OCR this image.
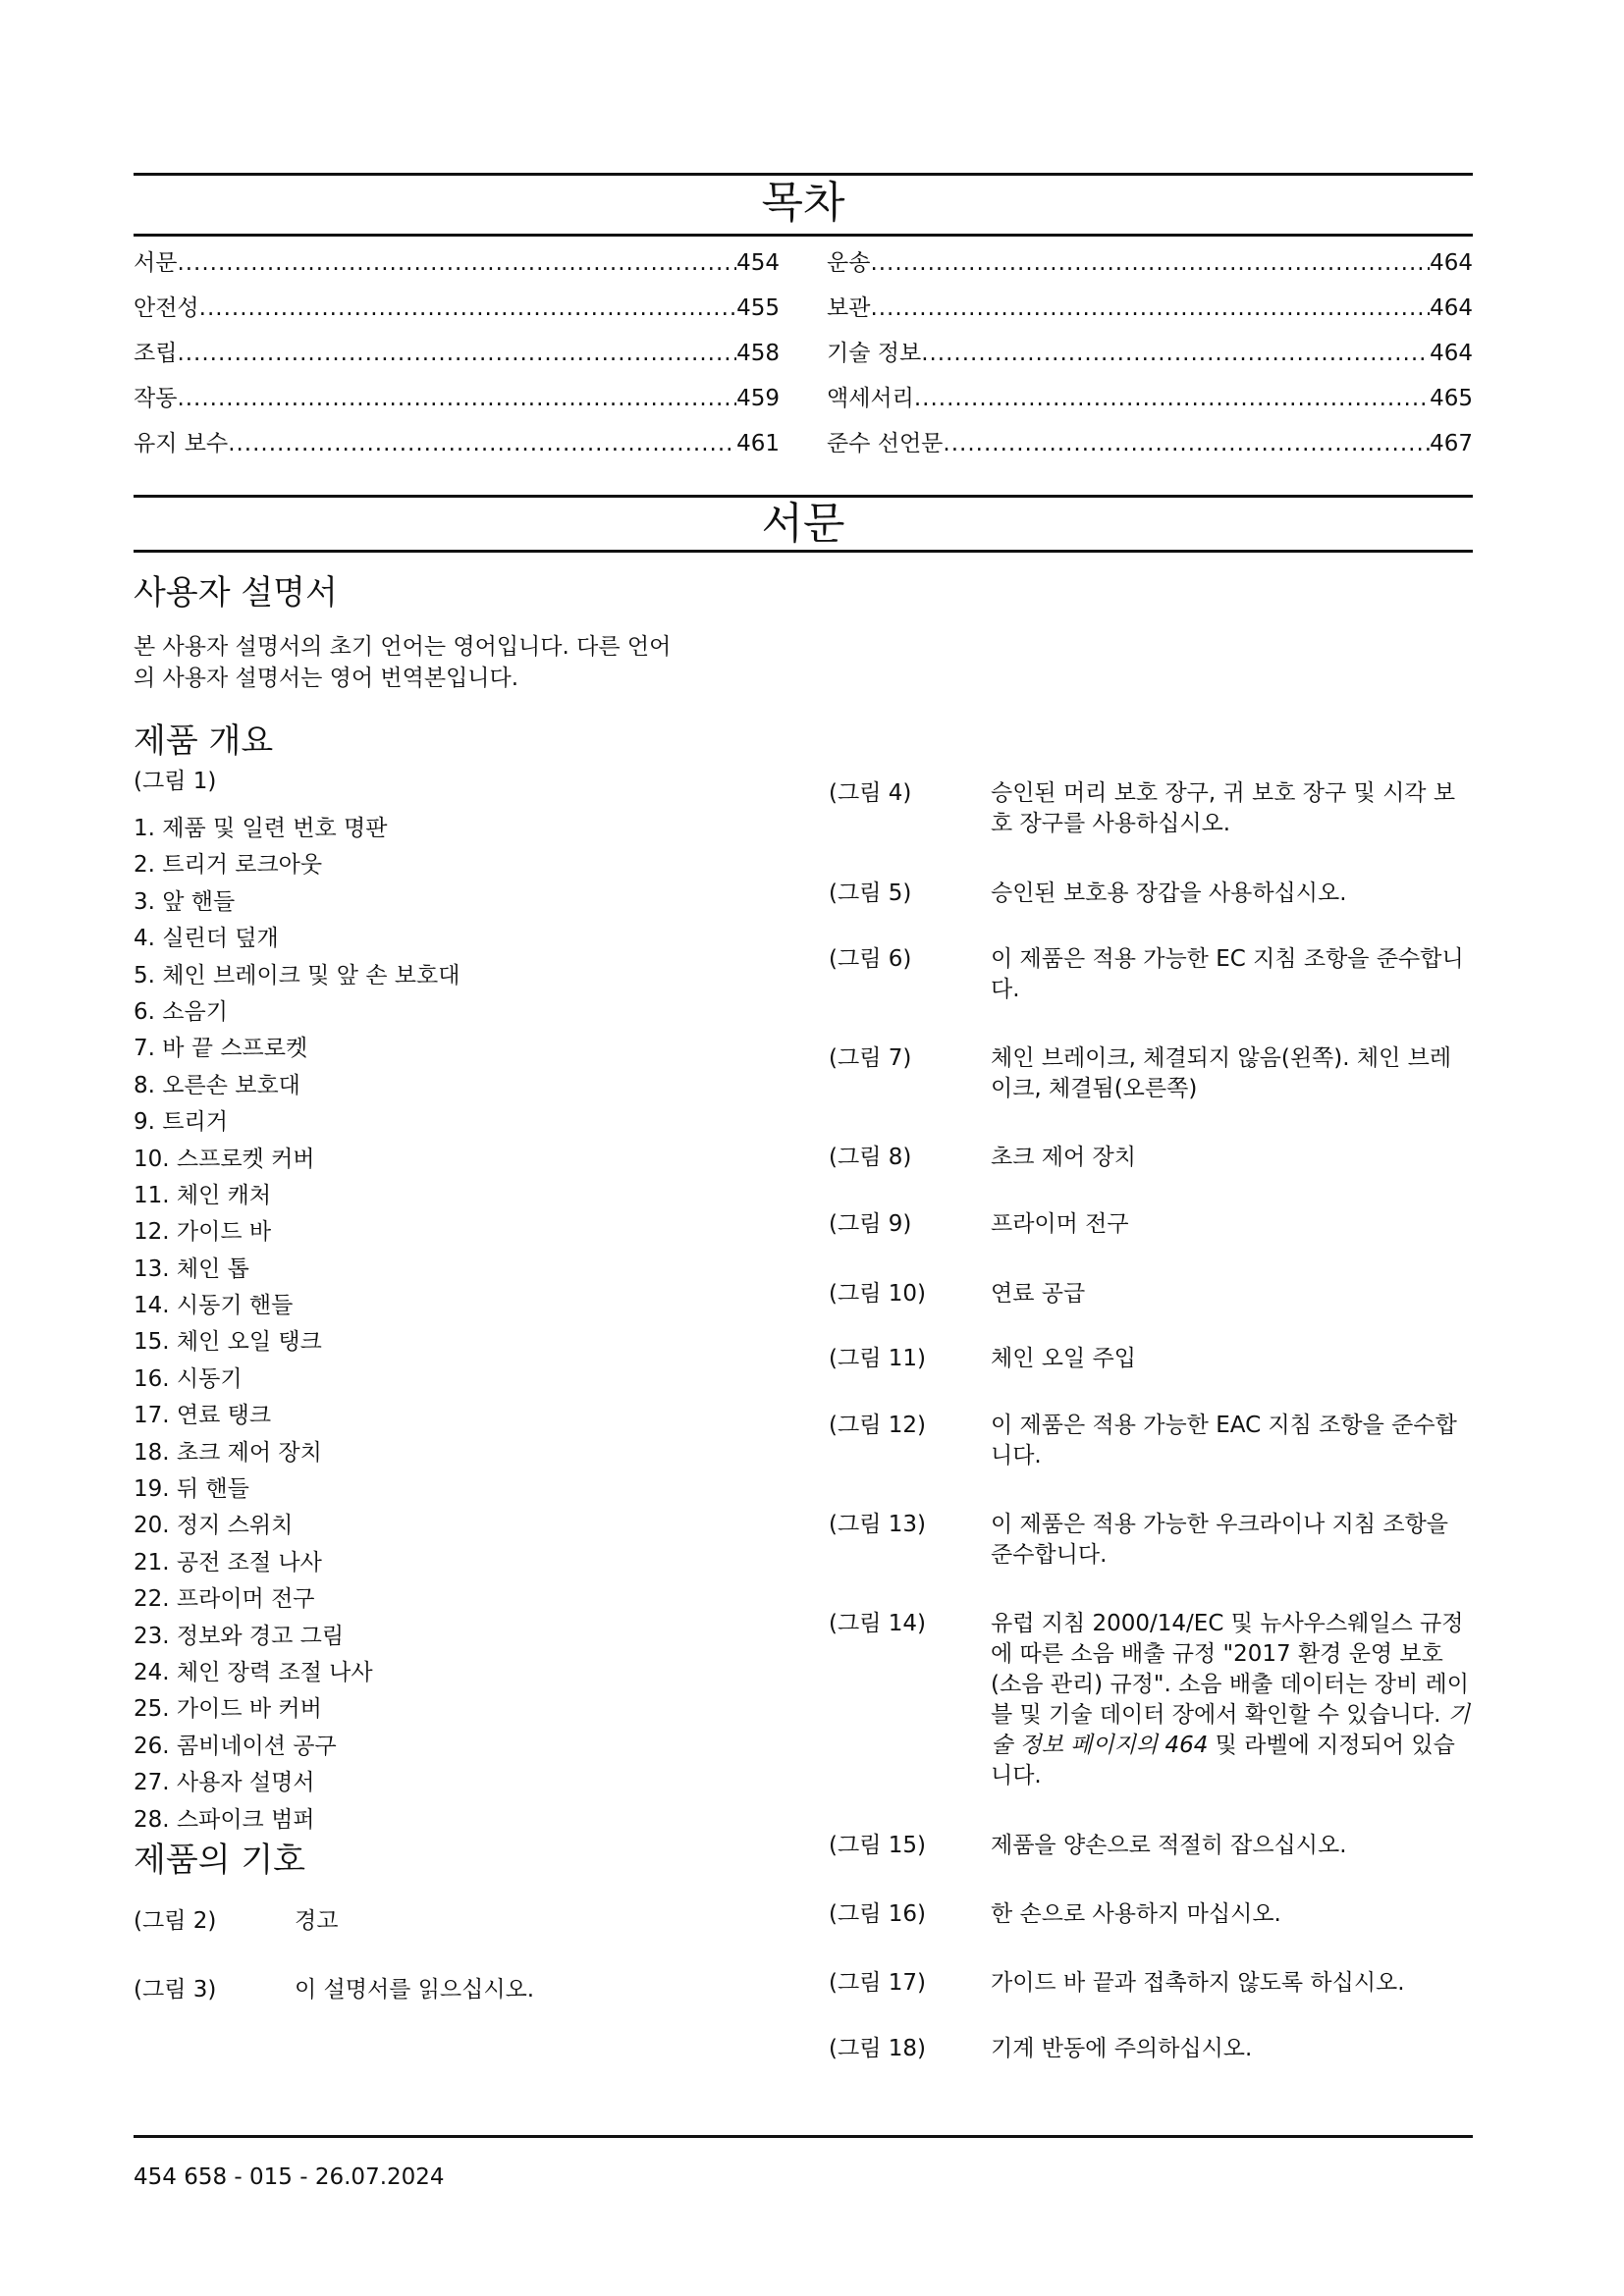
목차
서문 .....	454
안전성 .....	455
조립 .....	458
작동 .....	459
유지 보수 .....	461
운송 .....	464
보관 .....	464
기술 정보 .....	464
액세서리 .....	465
준수 선언문 .....	467
서문
사용자 설명서
본 사용자 설명서의 초기 언어는 영어입니다. 다른 언어
의 사용자 설명서는 영어 번역본입니다.
제품 개요
(그림 1)
1. 제품 및 일련 번호 명판
2. 트리거 로크아웃
3. 앞 핸들
4. 실린더 덮개
5. 체인 브레이크 및 앞 손 보호대
6. 소음기
7. 바 끝 스프로켓
8. 오른손 보호대
9. 트리거
10. 스프로켓 커버
11. 체인 캐처
12. 가이드 바
13. 체인 톱
14. 시동기 핸들
15. 체인 오일 탱크
16. 시동기
17. 연료 탱크
18. 초크 제어 장치
19. 뒤 핸들
20. 정지 스위치
21. 공전 조절 나사
22. 프라이머 전구
23. 정보와 경고 그림
24. 체인 장력 조절 나사
25. 가이드 바 커버
26. 콤비네이션 공구
27. 사용자 설명서
28. 스파이크 범퍼
제품의 기호
(그림 2)	경고
(그림 3)	이 설명서를 읽으십시오.
(그림 4)	승인된 머리 보호 장구, 귀 보호 장구 및 시각 보호 장구를 사용하십시오.
(그림 5)	승인된 보호용 장갑을 사용하십시오.
(그림 6)	이 제품은 적용 가능한 EC 지침 조항을 준수합니다.
(그림 7)	체인 브레이크, 체결되지 않음(왼쪽). 체인 브레이크, 체결됨(오른쪽)
(그림 8)	초크 제어 장치
(그림 9)	프라이머 전구
(그림 10)	연료 공급
(그림 11)	체인 오일 주입
(그림 12)	이 제품은 적용 가능한 EAC 지침 조항을 준수합니다.
(그림 13)	이 제품은 적용 가능한 우크라이나 지침 조항을 준수합니다.
(그림 14)	유럽 지침 2000/14/EC 및 뉴사우스웨일스 규정에 따른 소음 배출 규정 "2017 환경 운영 보호(소음 관리) 규정". 소음 배출 데이터는 장비 레이블 및 기술 데이터 장에서 확인할 수 있습니다. 기술 정보 페이지의 464 및 라벨에 지정되어 있습니다.
(그림 15)	제품을 양손으로 적절히 잡으십시오.
(그림 16)	한 손으로 사용하지 마십시오.
(그림 17)	가이드 바 끝과 접촉하지 않도록 하십시오.
(그림 18)	기계 반동에 주의하십시오.
454 658 - 015 - 26.07.2024
